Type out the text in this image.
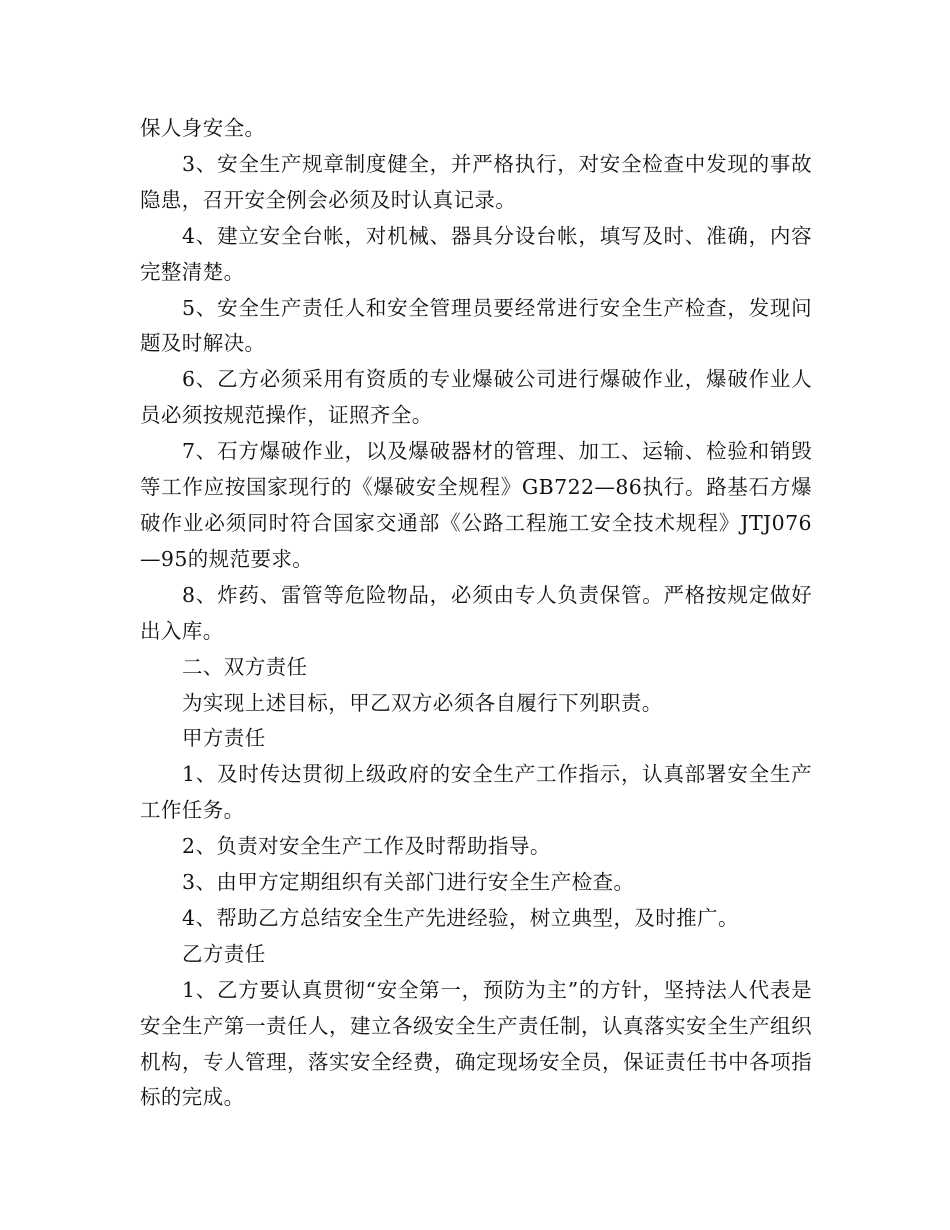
保人身安全。

3、安全生产规章制度健全，并严格执行，对安全检查中发现的事故隐患，召开安全例会必须及时认真记录。

4、建立安全台帐，对机械、器具分设台帐，填写及时、准确，内容完整清楚。

5、安全生产责任人和安全管理员要经常进行安全生产检查，发现问题及时解决。

6、乙方必须采用有资质的专业爆破公司进行爆破作业，爆破作业人员必须按规范操作，证照齐全。

7、石方爆破作业，以及爆破器材的管理、加工、运输、检验和销毁等工作应按国家现行的《爆破安全规程》GB722—86执行。路基石方爆破作业必须同时符合国家交通部《公路工程施工安全技术规程》JTJ076—95的规范要求。

8、炸药、雷管等危险物品，必须由专人负责保管。严格按规定做好出入库。

二、双方责任

为实现上述目标，甲乙双方必须各自履行下列职责。

甲方责任

1、及时传达贯彻上级政府的安全生产工作指示，认真部署安全生产工作任务。

2、负责对安全生产工作及时帮助指导。

3、由甲方定期组织有关部门进行安全生产检查。

4、帮助乙方总结安全生产先进经验，树立典型，及时推广。

乙方责任

1、乙方要认真贯彻“安全第一，预防为主”的方针，坚持法人代表是安全生产第一责任人，建立各级安全生产责任制，认真落实安全生产组织机构，专人管理，落实安全经费，确定现场安全员，保证责任书中各项指标的完成。
